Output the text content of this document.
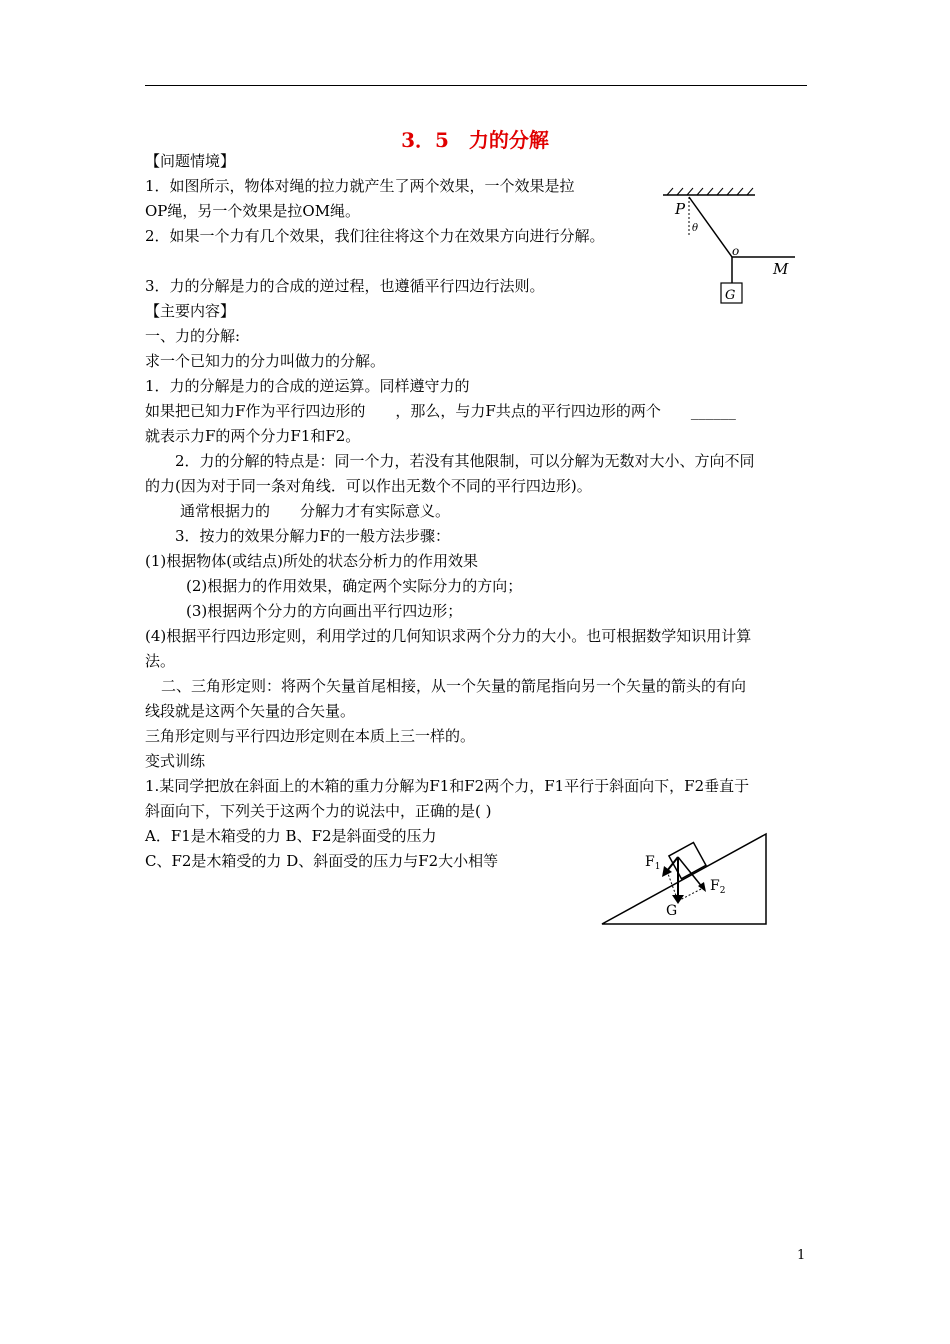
3．5　力的分解
【问题情境】
1．如图所示，物体对绳的拉力就产生了两个效果，一个效果是拉
OP绳，另一个效果是拉OM绳。
2．如果一个力有几个效果，我们往往将这个力在效果方向进行分解。
3．力的分解是力的合成的逆过程，也遵循平行四边行法则。
【主要内容】
一、力的分解:
求一个已知力的分力叫做力的分解。
1．力的分解是力的合成的逆运算。同样遵守力的
如果把已知力F作为平行四边形的　　，那么，与力F共点的平行四边形的两个　　______
就表示力F的两个分力F1和F2。
2．力的分解的特点是：同一个力，若没有其他限制，可以分解为无数对大小、方向不同
的力(因为对于同一条对角线．可以作出无数个不同的平行四边形)。
通常根据力的　　分解力才有实际意义。
3．按力的效果分解力F的一般方法步骤：
(1)根据物体(或结点)所处的状态分析力的作用效果
(2)根据力的作用效果，确定两个实际分力的方向；
(3)根据两个分力的方向画出平行四边形；
(4)根据平行四边形定则，利用学过的几何知识求两个分力的大小。也可根据数学知识用计算
法。
二、三角形定则：将两个矢量首尾相接，从一个矢量的箭尾指向另一个矢量的箭头的有向
线段就是这两个矢量的合矢量。
三角形定则与平行四边形定则在本质上三一样的。
变式训练
1.某同学把放在斜面上的木箱的重力分解为F1和F2两个力，F1平行于斜面向下，F2垂直于
斜面向下，下列关于这两个力的说法中，正确的是( )
A．F1是木箱受的力 B、F2是斜面受的压力
C、F2是木箱受的力 D、斜面受的压力与F2大小相等
P
θ
o
M
G
$F_1$
$F_2$
G
1
